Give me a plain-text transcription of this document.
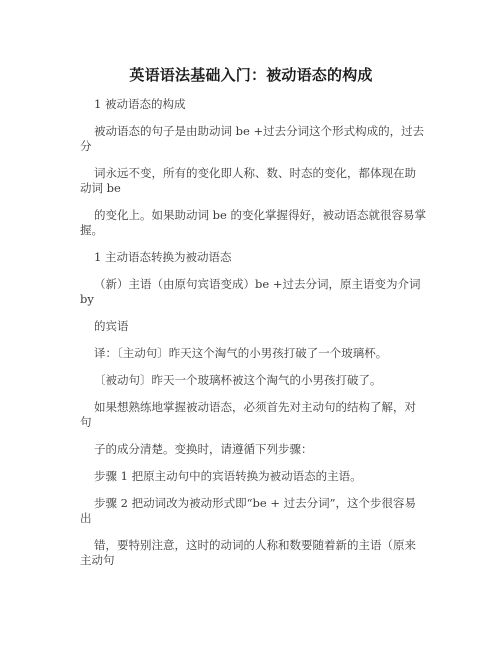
英语语法基础入门：被动语态的构成
1 被动语态的构成
被动语态的句子是由助动词 be +过去分词这个形式构成的，过去
分
词永远不变，所有的变化即人称、数、时态的变化，都体现在助
动词 be
的变化上。如果助动词 be 的变化掌握得好，被动语态就很容易掌
握。
1 主动语态转换为被动语态
（新）主语（由原句宾语变成）be +过去分词，原主语变为介词
by
的宾语
译：〔主动句〕昨天这个淘气的小男孩打破了一个玻璃杯。
〔被动句〕昨天一个玻璃杯被这个淘气的小男孩打破了。
如果想熟练地掌握被动语态，必须首先对主动句的结构了解，对
句
子的成分清楚。变换时，请遵循下列步骤：
步骤 1 把原主动句中的宾语转换为被动语态的主语。
步骤 2 把动词改为被动形式即“be + 过去分词”，这个步很容易
出
错，要特别注意，这时的动词的人称和数要随着新的主语（原来
主动句
